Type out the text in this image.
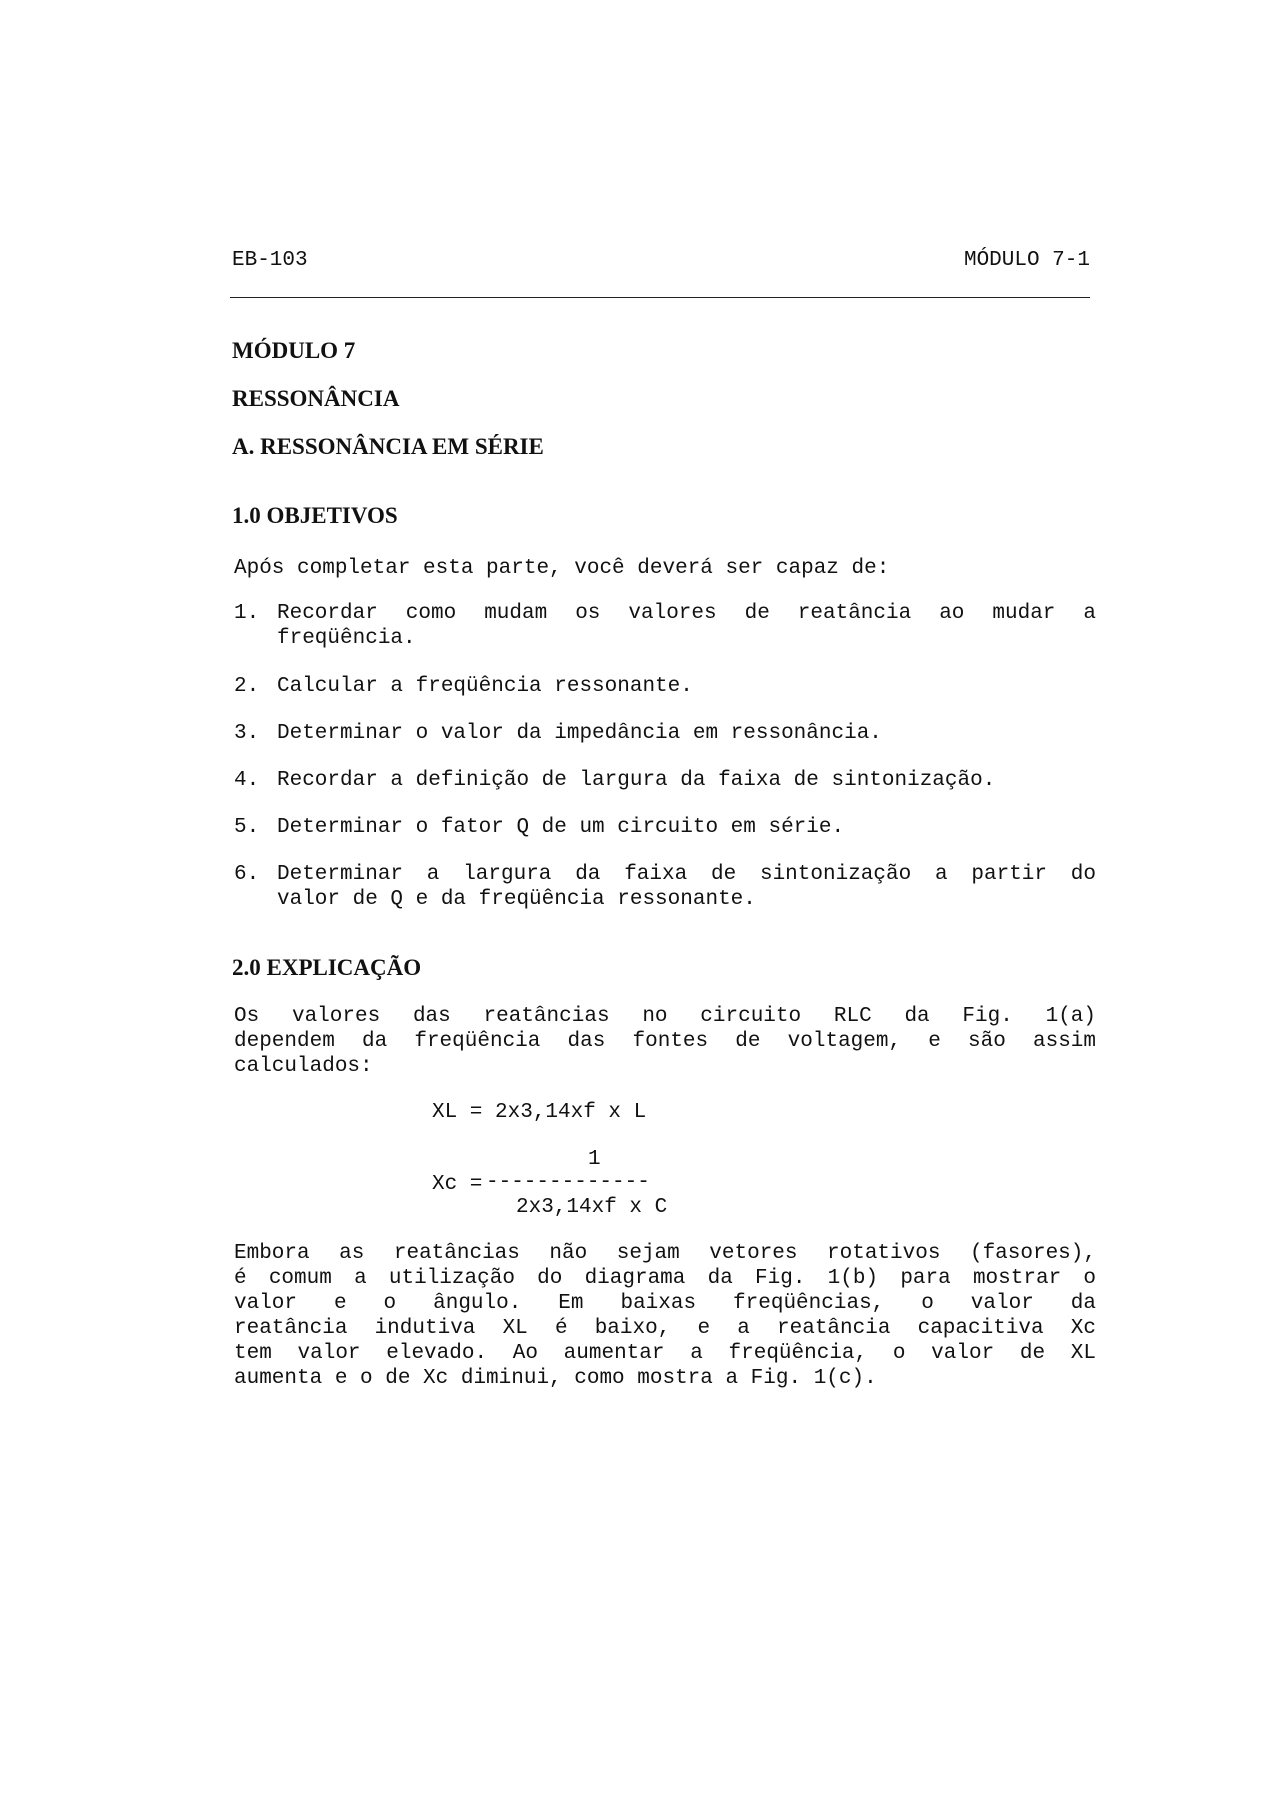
EB-103	MÓDULO 7-1
MÓDULO 7
RESSONÂNCIA
A. RESSONÂNCIA EM SÉRIE
1.0 OBJETIVOS
Após completar esta parte, você deverá ser capaz de:
1. Recordar como mudam os valores de reatância ao mudar a
freqüência.
2. Calcular a freqüência ressonante.
3. Determinar o valor da impedância em ressonância.
4. Recordar a definição de largura da faixa de sintonização.
5. Determinar o fator Q de um circuito em série.
6. Determinar a largura da faixa de sintonização a partir do
valor de Q e da freqüência ressonante.
2.0 EXPLICAÇÃO
Os valores das reatâncias no circuito RLC da Fig. 1(a)
dependem da freqüência das fontes de voltagem, e são assim
calculados:
XL = 2x3,14xf x L
1
Xc = -------------
2x3,14xf x C
Embora as reatâncias não sejam vetores rotativos (fasores),
é comum a utilização do diagrama da Fig. 1(b) para mostrar o
valor e o ângulo. Em baixas freqüências, o valor da
reatância indutiva XL é baixo, e a reatância capacitiva Xc
tem valor elevado. Ao aumentar a freqüência, o valor de XL
aumenta e o de Xc diminui, como mostra a Fig. 1(c).
